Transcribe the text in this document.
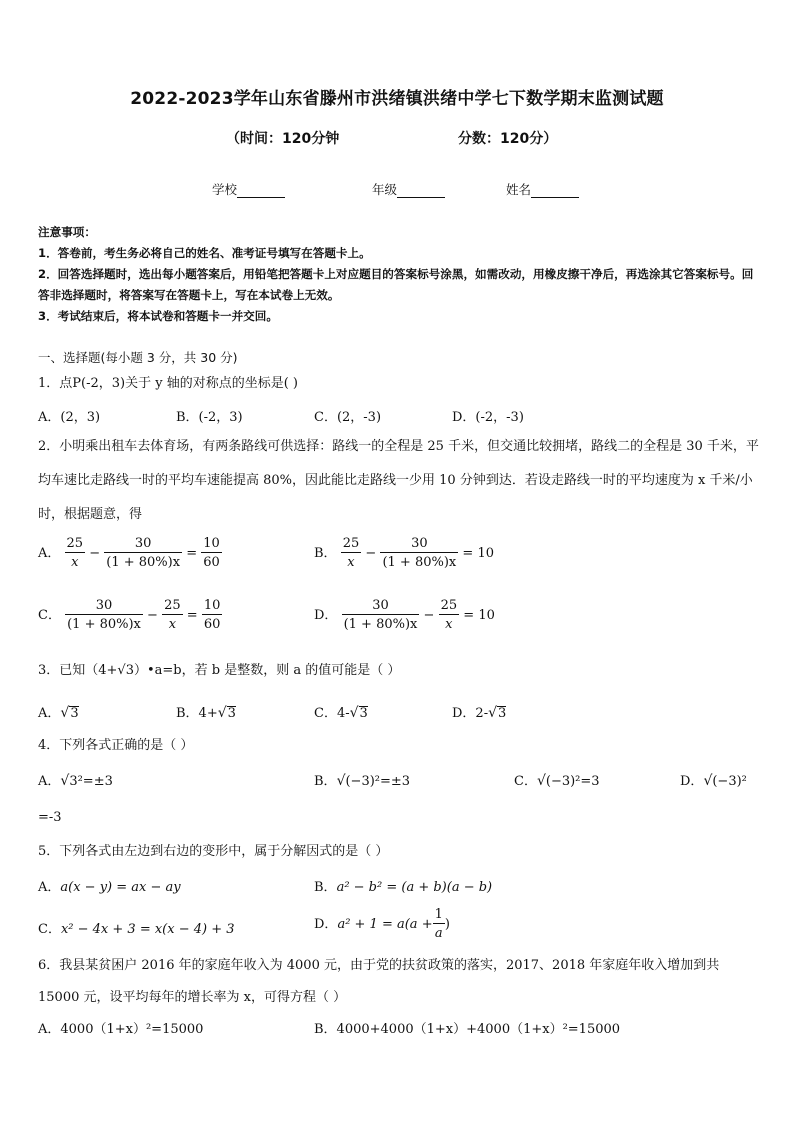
2022-2023学年山东省滕州市洪绪镇洪绪中学七下数学期末监测试题
（时间：120分钟	分数：120分）
学校	年级	姓名

注意事项：

1．答卷前，考生务必将自己的姓名、准考证号填写在答题卡上。

2．回答选择题时，选出每小题答案后，用铅笔把答题卡上对应题目的答案标号涂黑，如需改动，用橡皮擦干净后，再选涂其它答案标号。回答非选择题时，将答案写在答题卡上，写在本试卷上无效。

3．考试结束后，将本试卷和答题卡一并交回。

一、选择题(每小题 3 分，共 30 分)

1．点P(-2，3)关于 y 轴的对称点的坐标是( )

A．(2，3)	B．(-2，3)	C．(2，-3)	D．(-2，-3)

2．小明乘出租车去体育场，有两条路线可供选择：路线一的全程是 25 千米，但交通比较拥堵，路线二的全程是 30 千米，平均车速比走路线一时的平均车速能提高 80%，因此能比走路线一少用 10 分钟到达．若设走路线一时的平均速度为 x 千米/小时，根据题意，得

A． $\frac{25}{x} - \frac{30}{(1 + 80\%)x} = \frac{10}{60}$	B． $\frac{25}{x} - \frac{30}{(1 + 80\%)x} = 10$
C． $\frac{30}{(1 + 80\%)x} - \frac{25}{x} = \frac{10}{60}$	D． $\frac{30}{(1 + 80\%)x} - \frac{25}{x} = 10$

3．已知（4+√3）•a=b，若 b 是整数，则 a 的值可能是（ ）

A．√3	B．4+√3	C．4-√3	D．2-√3

4．下列各式正确的是（ ）

A．√3²=±3	B．√(−3)²=±3	C．√(−3)²=3	D．√(−3)²
=-3

5．下列各式由左边到右边的变形中，属于分解因式的是（ ）

A．a(x − y) = ax − ay	B．a² − b² = (a + b)(a − b)
C．x² − 4x + 3 = x(x − 4) + 3	D．$a^2 + 1 = a(a + \frac{1}{a}$ )

6．我县某贫困户 2016 年的家庭年收入为 4000 元，由于党的扶贫政策的落实，2017、2018 年家庭年收入增加到共 15000 元，设平均每年的增长率为 x，可得方程（ ）

A．4000（1+x）²=15000	B．4000+4000（1+x）+4000（1+x）²=15000
